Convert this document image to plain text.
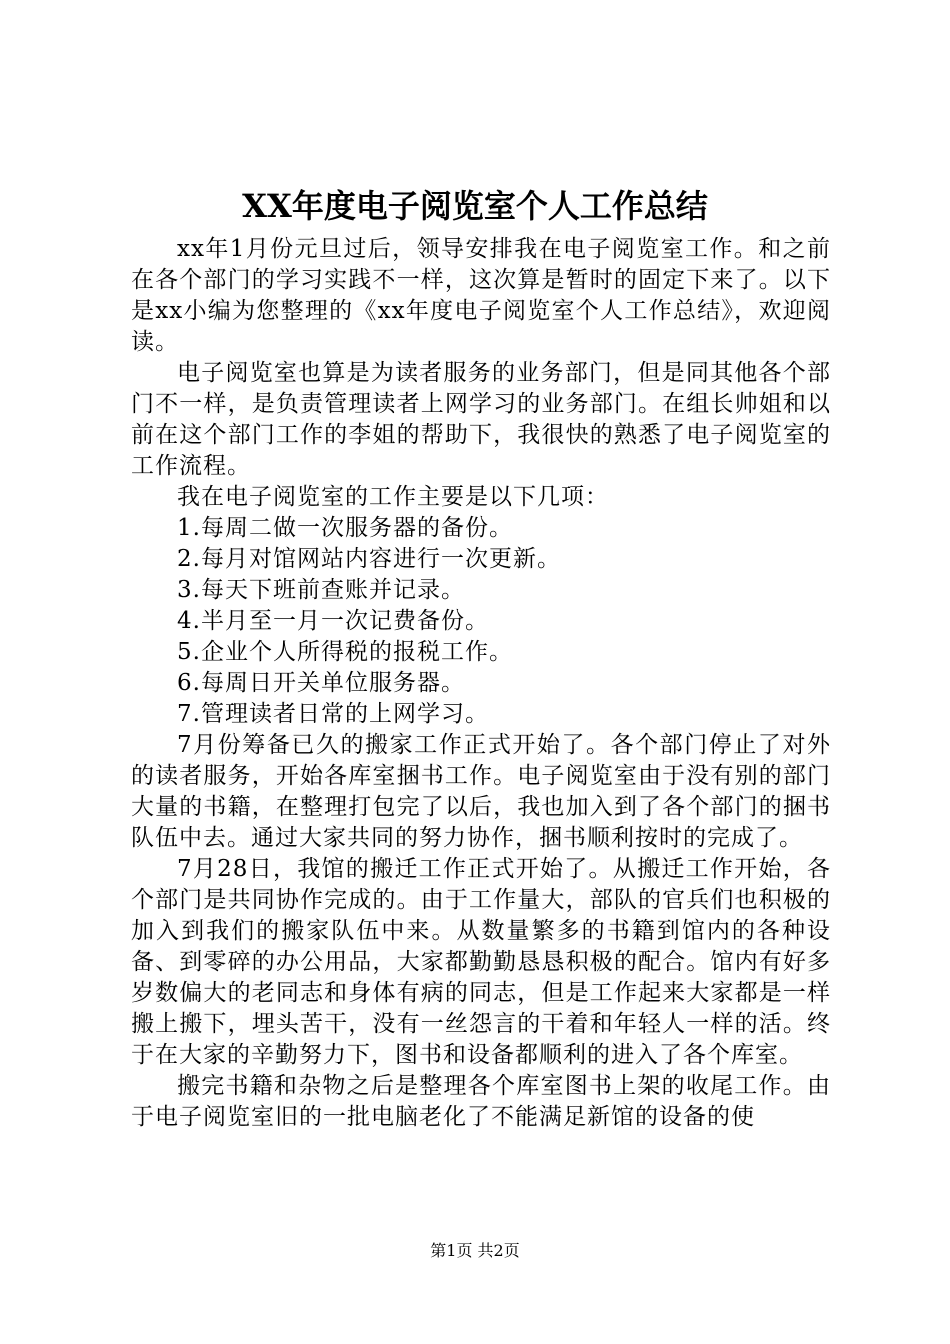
XX年度电子阅览室个人工作总结

xx年1月份元旦过后，领导安排我在电子阅览室工作。和之前在各个部门的学习实践不一样，这次算是暂时的固定下来了。以下是xx小编为您整理的《xx年度电子阅览室个人工作总结》，欢迎阅读。

电子阅览室也算是为读者服务的业务部门，但是同其他各个部门不一样，是负责管理读者上网学习的业务部门。在组长帅姐和以前在这个部门工作的李姐的帮助下，我很快的熟悉了电子阅览室的工作流程。

我在电子阅览室的工作主要是以下几项：

1.每周二做一次服务器的备份。

2.每月对馆网站内容进行一次更新。

3.每天下班前查账并记录。

4.半月至一月一次记费备份。

5.企业个人所得税的报税工作。

6.每周日开关单位服务器。

7.管理读者日常的上网学习。

7月份筹备已久的搬家工作正式开始了。各个部门停止了对外的读者服务，开始各库室捆书工作。电子阅览室由于没有别的部门大量的书籍，在整理打包完了以后，我也加入到了各个部门的捆书队伍中去。通过大家共同的努力协作，捆书顺利按时的完成了。

7月28日，我馆的搬迁工作正式开始了。从搬迁工作开始，各个部门是共同协作完成的。由于工作量大，部队的官兵们也积极的加入到我们的搬家队伍中来。从数量繁多的书籍到馆内的各种设备、到零碎的办公用品，大家都勤勤恳恳积极的配合。馆内有好多岁数偏大的老同志和身体有病的同志，但是工作起来大家都是一样搬上搬下，埋头苦干，没有一丝怨言的干着和年轻人一样的活。终于在大家的辛勤努力下，图书和设备都顺利的进入了各个库室。

搬完书籍和杂物之后是整理各个库室图书上架的收尾工作。由于电子阅览室旧的一批电脑老化了不能满足新馆的设备的使

第1页 共2页
